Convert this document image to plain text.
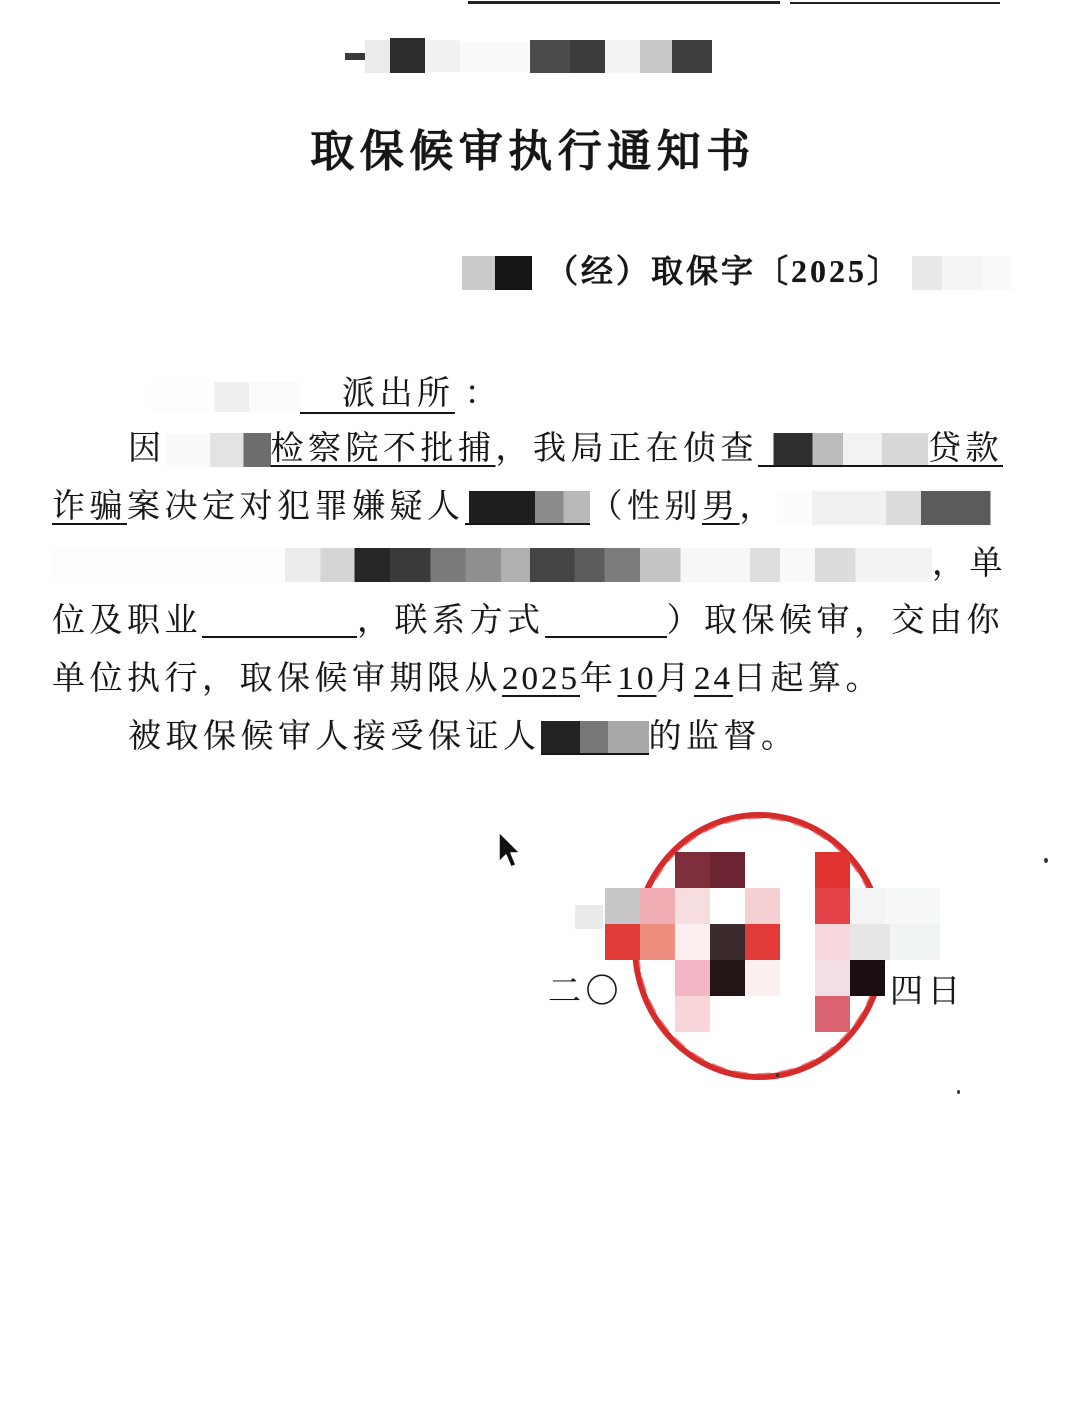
取保候审执行通知书
（经）取保字〔2025〕
派出所 ：
因	检察院不批捕，我局正在侦查	贷款
诈骗案决定对犯罪嫌疑人	（性别男，
，单
位及职业	，联系方式	）取保候审，交由你
单位执行，取保候审期限从2025年10月24日起算。
被取保候审人接受保证人	的监督。
二〇	四日
